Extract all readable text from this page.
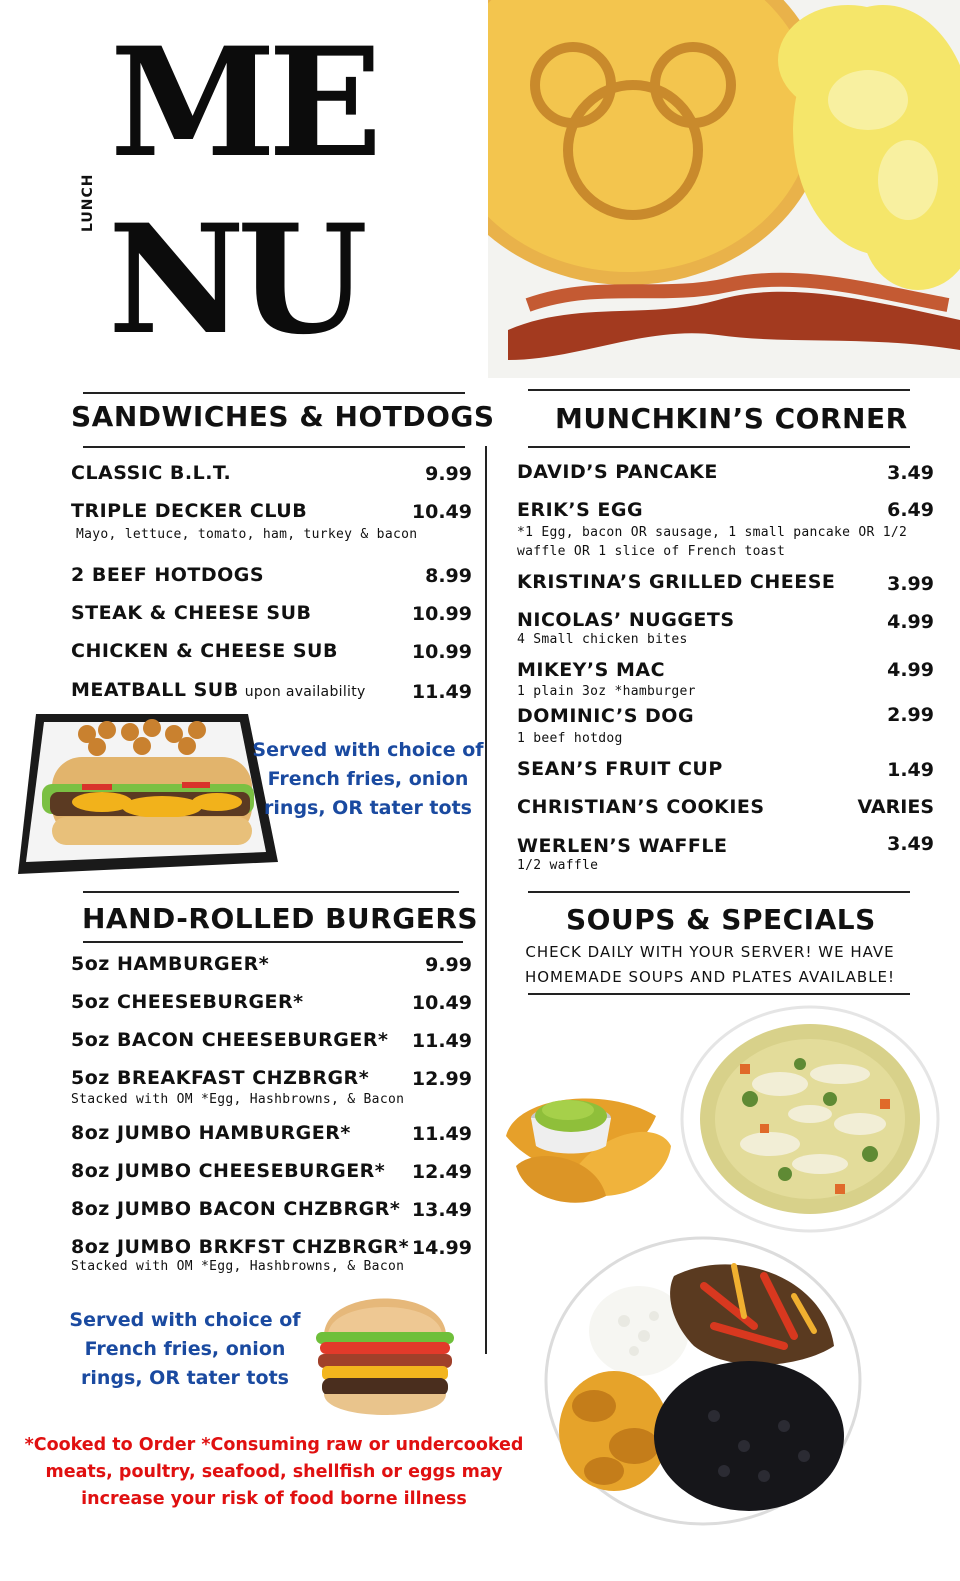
ME
NU
LUNCH
SANDWICHES & HOTDOGS
CLASSIC B.L.T.	9.99
TRIPLE DECKER CLUB	10.49
Mayo, lettuce, tomato, ham, turkey & bacon
2 BEEF HOTDOGS	8.99
STEAK & CHEESE SUB	10.99
CHICKEN & CHEESE SUB	10.99
MEATBALL SUB upon availability 11.49
Served with choice of French fries, onion rings, OR tater tots
HAND-ROLLED BURGERS
5oz HAMBURGER*	9.99
5oz CHEESEBURGER*	10.49
5oz BACON CHEESEBURGER* 11.49
5oz BREAKFAST CHZBRGR* 12.99
Stacked with OM *Egg, Hashbrowns, & Bacon
8oz JUMBO HAMBURGER*	11.49
8oz JUMBO CHEESEBURGER* 12.49
8oz JUMBO BACON CHZBRGR* 13.49
8oz JUMBO BRKFST CHZBRGR* 14.99
Stacked with OM *Egg, Hashbrowns, & Bacon
Served with choice of French fries, onion rings, OR tater tots
*Cooked to Order *Consuming raw or undercooked
meats, poultry, seafood, shellfish or eggs may
increase your risk of food borne illness
MUNCHKIN’S CORNER
DAVID’S PANCAKE	3.49
ERIK’S EGG	6.49
*1 Egg, bacon OR sausage, 1 small pancake OR 1/2
waffle OR 1 slice of French toast
KRISTINA’S GRILLED CHEESE	3.99
NICOLAS’ NUGGETS	4.99
4 Small chicken bites
MIKEY’S MAC	4.99
1 plain 3oz *hamburger
DOMINIC’S DOG	2.99
1 beef hotdog
SEAN’S FRUIT CUP	1.49
CHRISTIAN’S COOKIES	VARIES
WERLEN’S WAFFLE	3.49
1/2 waffle
SOUPS & SPECIALS
CHECK DAILY WITH YOUR SERVER! WE HAVE
HOMEMADE SOUPS AND PLATES AVAILABLE!
